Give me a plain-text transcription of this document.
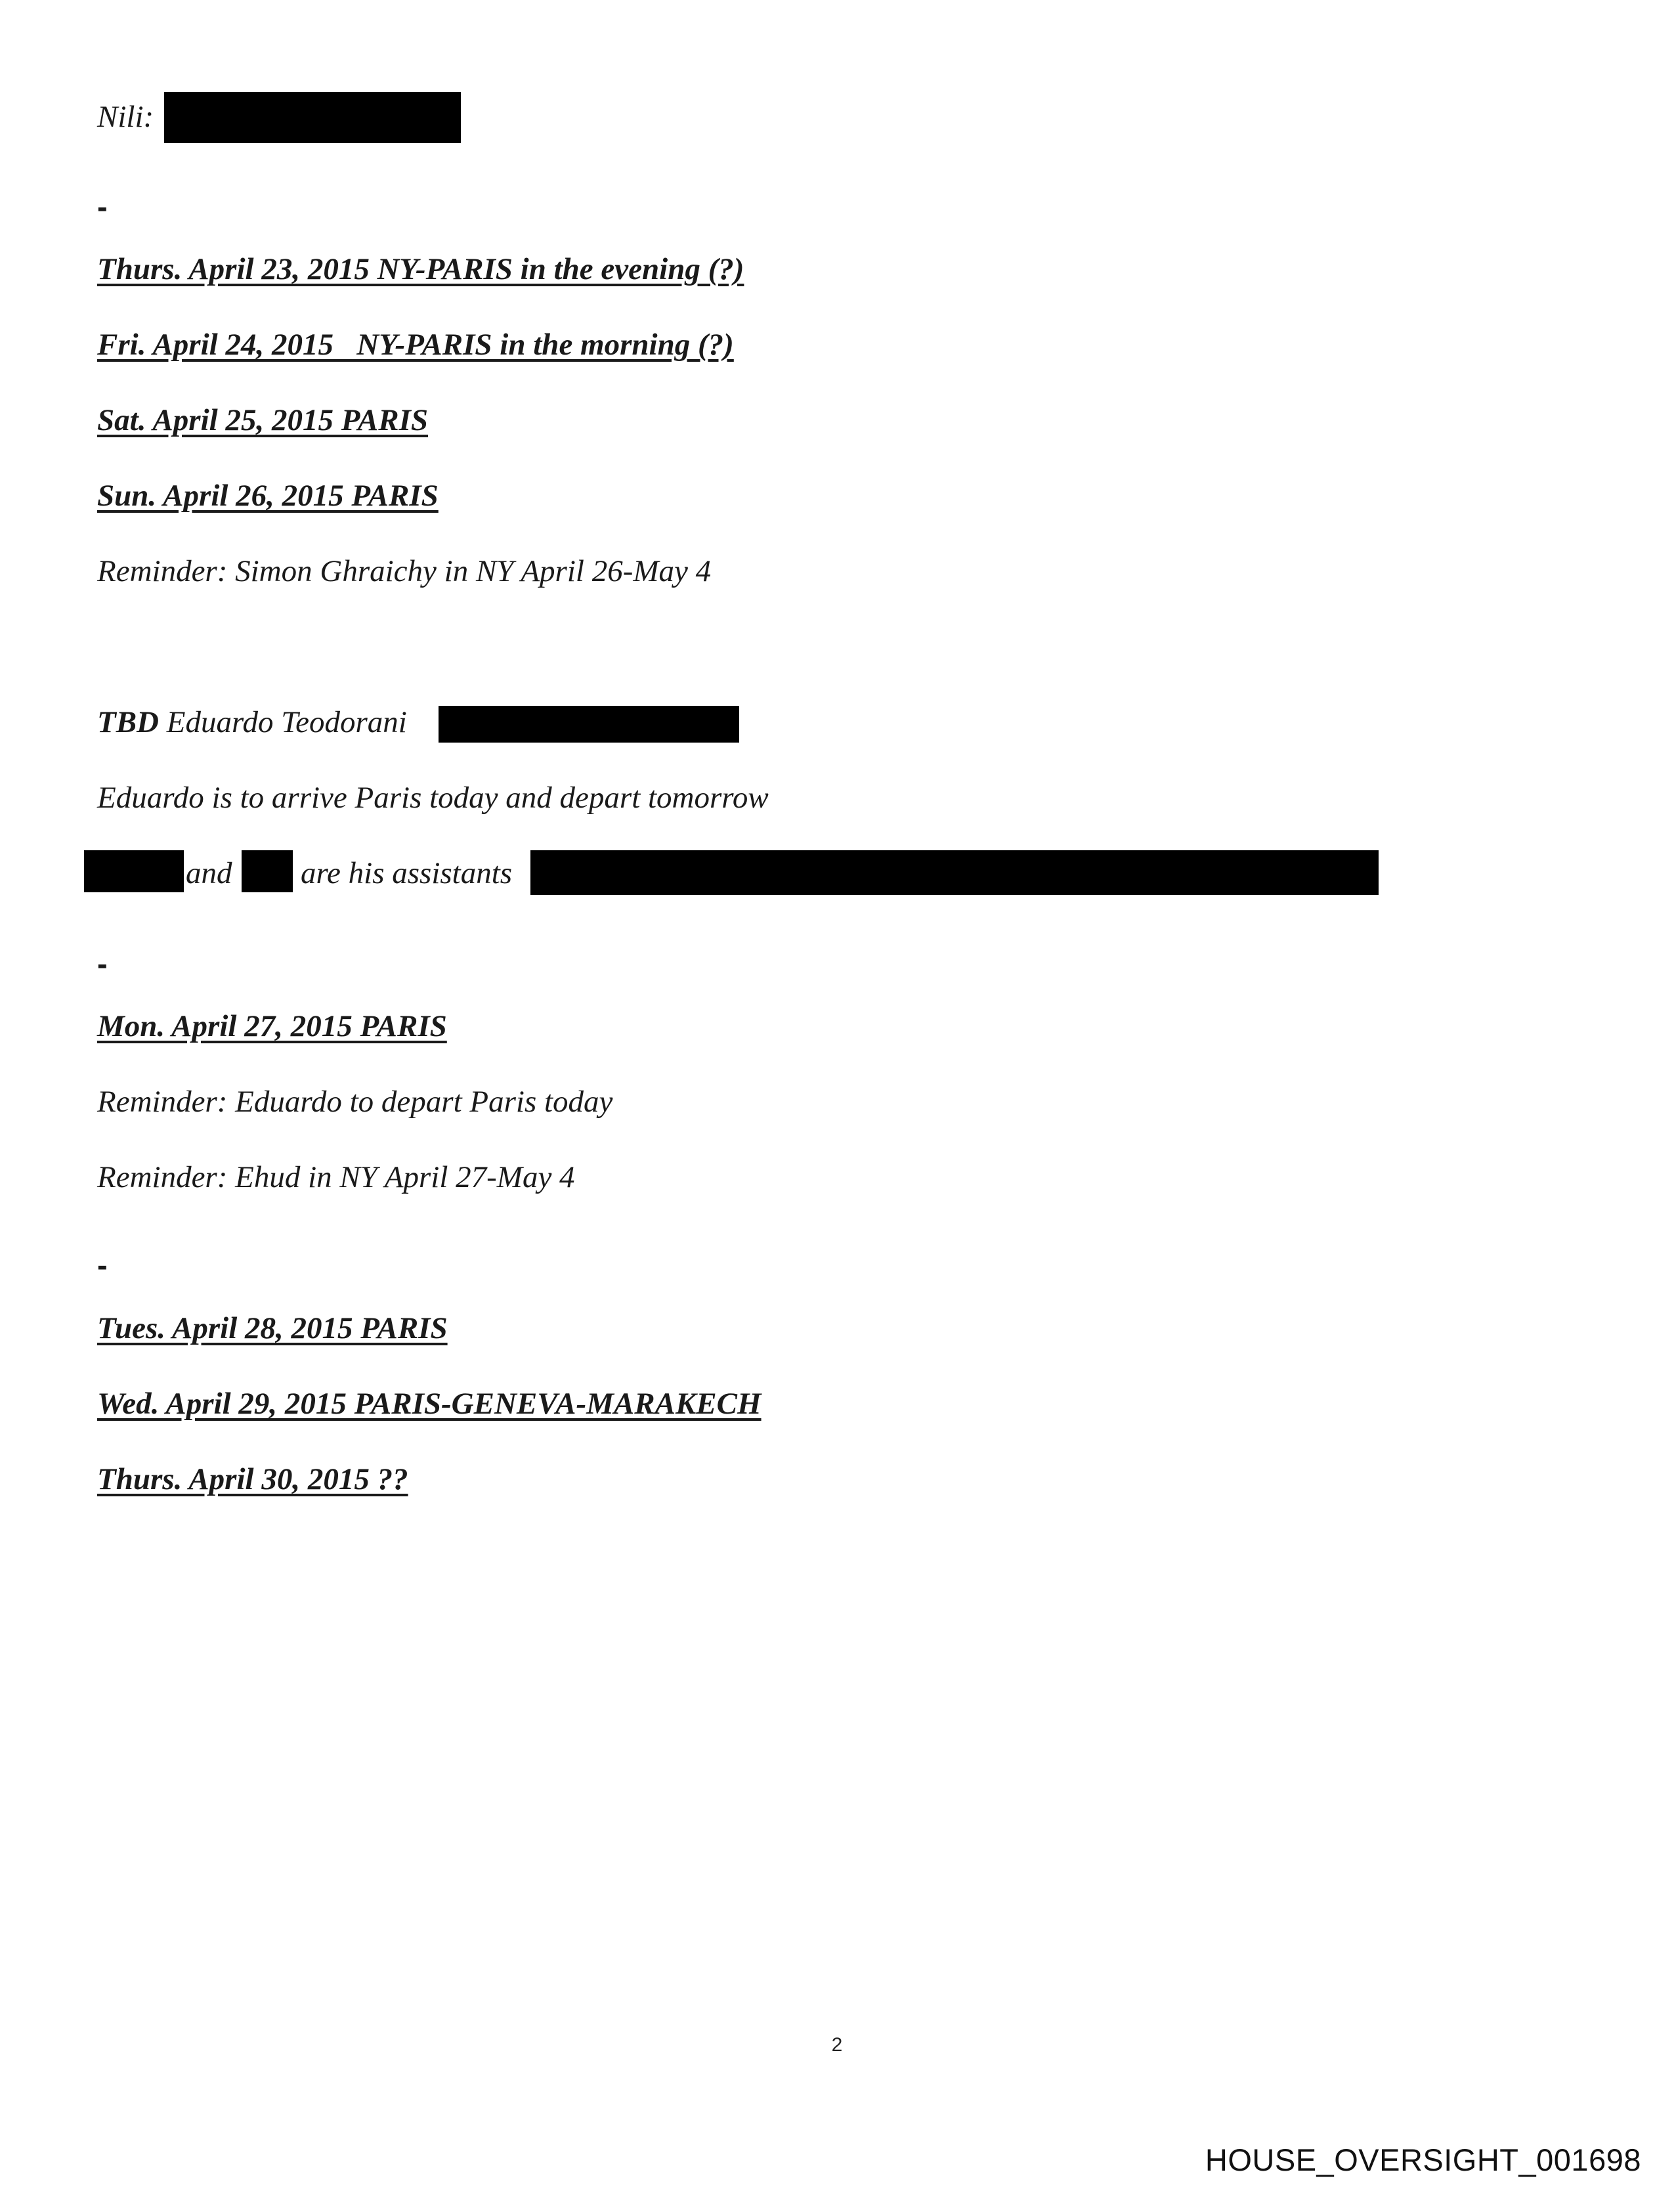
Nili:
-
Thurs. April 23, 2015 NY-PARIS in the evening (?)
Fri. April 24, 2015   NY-PARIS in the morning (?)
Sat. April 25, 2015 PARIS
Sun. April 26, 2015 PARIS
Reminder: Simon Ghraichy in NY April 26-May 4
TBD Eduardo Teodorani
Eduardo is to arrive Paris today and depart tomorrow
and are his assistants
-
Mon. April 27, 2015 PARIS
Reminder: Eduardo to depart Paris today
Reminder: Ehud in NY April 27-May 4
-
Tues. April 28, 2015 PARIS
Wed. April 29, 2015 PARIS-GENEVA-MARAKECH
Thurs. April 30, 2015 ??
2
HOUSE_OVERSIGHT_001698
